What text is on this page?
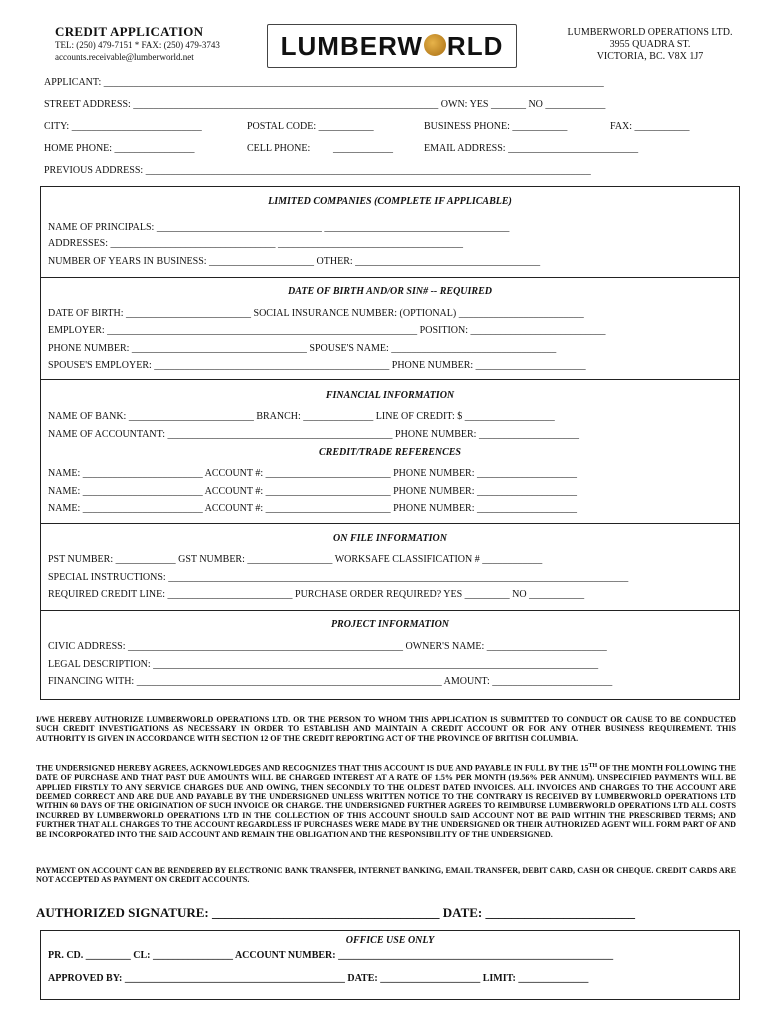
CREDIT APPLICATION
TEL: (250) 479-7151 * FAX: (250) 479-3743
accounts.receivable@lumberworld.net	LUMBERW RLD	LUMBERWORLD OPERATIONS LTD.
3955 QUADRA ST.
VICTORIA, BC. V8X 1J7
APPLICANT: ____________________________________________________________________________________________________
STREET ADDRESS: _____________________________________________________________ OWN: YES _______ NO ____________
CITY: __________________________	POSTAL CODE: ___________	BUSINESS PHONE: ___________	FAX: ___________
HOME PHONE: ________________	CELL PHONE: ____________	EMAIL ADDRESS: __________________________
PREVIOUS ADDRESS: _________________________________________________________________________________________
LIMITED COMPANIES (COMPLETE IF APPLICABLE)
NAME OF PRINCIPALS: _________________________________ _____________________________________
ADDRESSES: _________________________________ _____________________________________
NUMBER OF YEARS IN BUSINESS: _____________________ OTHER: _____________________________________
DATE OF BIRTH AND/OR SIN# -- REQUIRED
DATE OF BIRTH: _________________________ SOCIAL INSURANCE NUMBER: (OPTIONAL) _________________________
EMPLOYER: ______________________________________________________________ POSITION: ___________________________
PHONE NUMBER: ___________________________________ SPOUSE'S NAME: _________________________________
SPOUSE'S EMPLOYER: _______________________________________________ PHONE NUMBER: ______________________
FINANCIAL INFORMATION
NAME OF BANK: _________________________ BRANCH: ______________ LINE OF CREDIT: $ __________________
NAME OF ACCOUNTANT: _____________________________________________ PHONE NUMBER: ____________________
CREDIT/TRADE REFERENCES
NAME: ________________________ ACCOUNT #: _________________________ PHONE NUMBER: ____________________
NAME: ________________________ ACCOUNT #: _________________________ PHONE NUMBER: ____________________
NAME: ________________________ ACCOUNT #: _________________________ PHONE NUMBER: ____________________
ON FILE INFORMATION
PST NUMBER: ____________ GST NUMBER: _________________ WORKSAFE CLASSIFICATION # ____________
SPECIAL INSTRUCTIONS: ____________________________________________________________________________________________
REQUIRED CREDIT LINE: _________________________ PURCHASE ORDER REQUIRED? YES _________ NO ___________
PROJECT INFORMATION
CIVIC ADDRESS: _______________________________________________________ OWNER'S NAME: ________________________
LEGAL DESCRIPTION: _________________________________________________________________________________________
FINANCING WITH: _____________________________________________________________ AMOUNT: ________________________
I/WE HEREBY AUTHORIZE LUMBERWORLD OPERATIONS LTD. OR THE PERSON TO WHOM THIS APPLICATION IS SUBMITTED TO CONDUCT OR CAUSE TO BE CONDUCTED SUCH CREDIT INVESTIGATIONS AS NECESSARY IN ORDER TO ESTABLISH AND MAINTAIN A CREDIT ACCOUNT OR FOR ANY OTHER BUSINESS REQUIREMENT. THIS AUTHORITY IS GIVEN IN ACCORDANCE WITH SECTION 12 OF THE CREDIT REPORTING ACT OF THE PROVINCE OF BRITISH COLUMBIA.
THE UNDERSIGNED HEREBY AGREES, ACKNOWLEDGES AND RECOGNIZES THAT THIS ACCOUNT IS DUE AND PAYABLE IN FULL BY THE 15TH OF THE MONTH FOLLOWING THE DATE OF PURCHASE AND THAT PAST DUE AMOUNTS WILL BE CHARGED INTEREST AT A RATE OF 1.5% PER MONTH (19.56% PER ANNUM). UNSPECIFIED PAYMENTS WILL BE APPLIED FIRSTLY TO ANY SERVICE CHARGES DUE AND OWING, THEN SECONDLY TO THE OLDEST DATED INVOICES. ALL INVOICES AND CHARGES TO THE ACCOUNT ARE DEEMED CORRECT AND ARE DUE AND PAYABLE BY THE UNDERSIGNED UNLESS WRITTEN NOTICE TO THE CONTRARY IS RECEIVED BY LUMBERWORLD OPERATIONS LTD WITHIN 60 DAYS OF THE ORIGINATION OF SUCH INVOICE OR CHARGE. THE UNDERSIGNED FURTHER AGREES TO REIMBURSE LUMBERWORLD OPERATIONS LTD ALL COSTS INCURRED BY LUMBERWORLD OPERATIONS LTD IN THE COLLECTION OF THIS ACCOUNT SHOULD SAID ACCOUNT NOT BE PAID WITHIN THE PRESCRIBED TERMS; AND FURTHER THAT ALL CHARGES TO THE ACCOUNT REGARDLESS IF PURCHASES WERE MADE BY THE UNDERSIGNED OR THEIR AUTHORIZED AGENT WILL FORM PART OF AND BE INCORPORATED INTO THE SAID ACCOUNT AND REMAIN THE OBLIGATION AND THE RESPONSIBILITY OF THE UNDERSIGNED.
PAYMENT ON ACCOUNT CAN BE RENDERED BY ELECTRONIC BANK TRANSFER, INTERNET BANKING, EMAIL TRANSFER, DEBIT CARD, CASH OR CHEQUE. CREDIT CARDS ARE NOT ACCEPTED AS PAYMENT ON CREDIT ACCOUNTS.
AUTHORIZED SIGNATURE: ___________________________________ DATE: _______________________
OFFICE USE ONLY
PR. CD. _________ CL: ________________ ACCOUNT NUMBER: _______________________________________________________
APPROVED BY: ____________________________________________ DATE: ____________________ LIMIT: ______________
